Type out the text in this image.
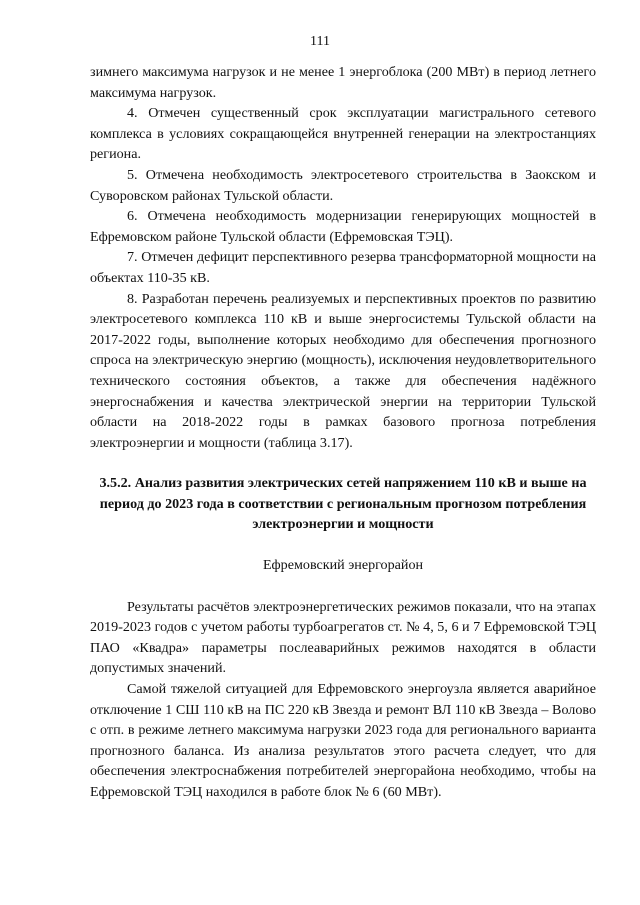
111

зимнего максимума нагрузок и не менее 1 энергоблока (200 МВт) в период летнего максимума нагрузок.

4. Отмечен существенный срок эксплуатации магистрального сетевого комплекса в условиях сокращающейся внутренней генерации на электростанциях региона.

5. Отмечена необходимость электросетевого строительства в Заокском и Суворовском районах Тульской области.

6. Отмечена необходимость модернизации генерирующих мощностей в Ефремовском районе Тульской области (Ефремовская ТЭЦ).

7. Отмечен дефицит перспективного резерва трансформаторной мощности на объектах 110-35 кВ.

8. Разработан перечень реализуемых и перспективных проектов по развитию электросетевого комплекса 110 кВ и выше энергосистемы Тульской области на 2017-2022 годы, выполнение которых необходимо для обеспечения прогнозного спроса на электрическую энергию (мощность), исключения неудовлетворительного технического состояния объектов, а также для обеспечения надёжного энергоснабжения и качества электрической энергии на территории Тульской области на 2018-2022 годы в рамках базового прогноза потребления электроэнергии и мощности (таблица 3.17).

3.5.2. Анализ развития электрических сетей напряжением 110 кВ и выше на период до 2023 года в соответствии с региональным прогнозом потребления электроэнергии и мощности

Ефремовский энергорайон

Результаты расчётов электроэнергетических режимов показали, что на этапах 2019-2023 годов с учетом работы турбоагрегатов ст. № 4, 5, 6 и 7 Ефремовской ТЭЦ ПАО «Квадра» параметры послеаварийных режимов находятся в области допустимых значений.

Самой тяжелой ситуацией для Ефремовского энергоузла является аварийное отключение 1 СШ 110 кВ на ПС 220 кВ Звезда и ремонт ВЛ 110 кВ Звезда – Волово с отп. в режиме летнего максимума нагрузки 2023 года для регионального варианта прогнозного баланса. Из анализа результатов этого расчета следует, что для обеспечения электроснабжения потребителей энергорайона необходимо, чтобы на Ефремовской ТЭЦ находился в работе блок № 6 (60 МВт).
